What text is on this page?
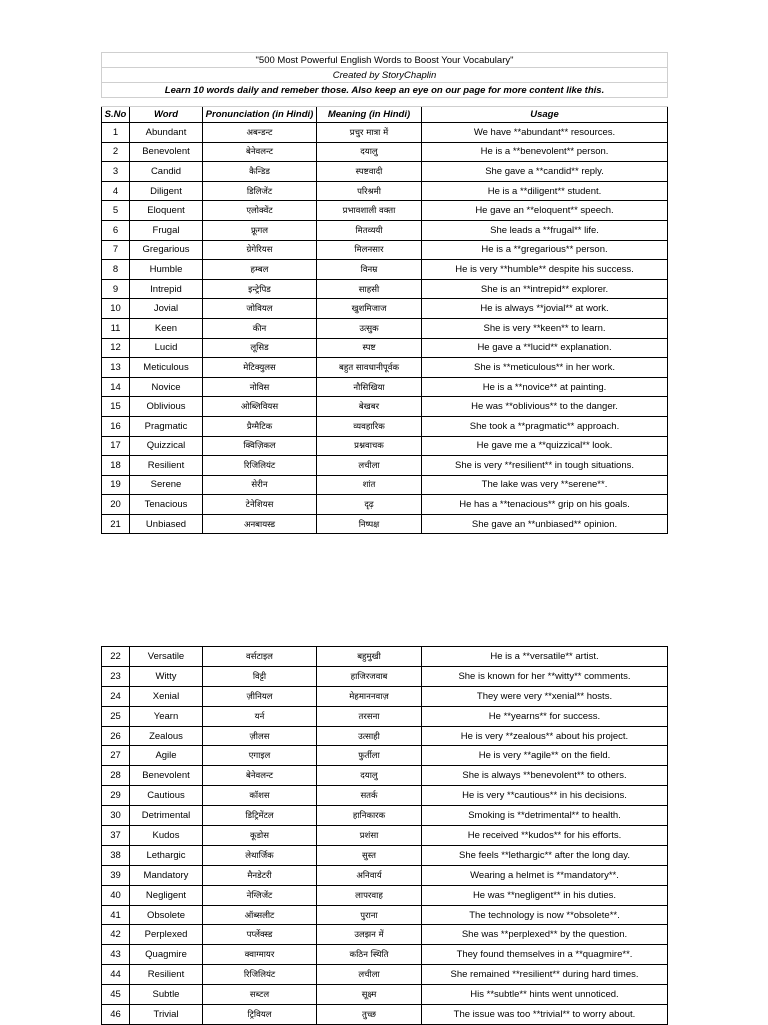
"500 Most Powerful English Words to Boost Your Vocabulary"				
Created by StoryChaplin				
Learn 10 words daily and remeber those. Also keep an eye on our page for more content like this.				

S.No	Word	Pronunciation (in Hindi)	Meaning (in Hindi)	Usage
1	Abundant	अबन्डन्ट	प्रचुर मात्रा में	We have **abundant** resources.
2	Benevolent	बेनेवलन्ट	दयालु	He is a **benevolent** person.
3	Candid	कैन्डिड	स्पष्टवादी	She gave a **candid** reply.
4	Diligent	डिलिजेंट	परिश्रमी	He is a **diligent** student.
5	Eloquent	एलोक्वेंट	प्रभावशाली वक्ता	He gave an **eloquent** speech.
6	Frugal	फ्रूगल	मितव्ययी	She leads a **frugal** life.
7	Gregarious	ग्रेगेरियस	मिलनसार	He is a **gregarious** person.
8	Humble	हम्बल	विनम्र	He is very **humble** despite his success.
9	Intrepid	इन्ट्रेपिड	साहसी	She is an **intrepid** explorer.
10	Jovial	जोवियल	खुशमिजाज	He is always **jovial** at work.
11	Keen	कीन	उत्सुक	She is very **keen** to learn.
12	Lucid	लूसिड	स्पष्ट	He gave a **lucid** explanation.
13	Meticulous	मेटिक्युलस	बहुत सावधानीपूर्वक	She is **meticulous** in her work.
14	Novice	नोविस	नौसिखिया	He is a **novice** at painting.
15	Oblivious	ओब्लिवियस	बेखबर	He was **oblivious** to the danger.
16	Pragmatic	प्रैग्मैटिक	व्यवहारिक	She took a **pragmatic** approach.
17	Quizzical	क्विज़िकल	प्रश्नवाचक	He gave me a **quizzical** look.
18	Resilient	रिजिलियंट	लचीला	She is very **resilient** in tough situations.
19	Serene	सेरीन	शांत	The lake was very **serene**.
20	Tenacious	टेनेशियस	दृढ़	He has a **tenacious** grip on his goals.
21	Unbiased	अनबायस्ड	निष्पक्ष	She gave an **unbiased** opinion.
22	Versatile	वर्सटाइल	बहुमुखी	He is a **versatile** artist.
23	Witty	विट्टी	हाजिरजवाब	She is known for her **witty** comments.
24	Xenial	ज़ीनियल	मेहमाननवाज़	They were very **xenial** hosts.
25	Yearn	यर्न	तरसना	He **yearns** for success.
26	Zealous	ज़ीलस	उत्साही	He is very **zealous** about his project.
27	Agile	एगाइल	फुर्तीला	He is very **agile** on the field.
28	Benevolent	बेनेवलन्ट	दयालु	She is always **benevolent** to others.
29	Cautious	कॉशस	सतर्क	He is very **cautious** in his decisions.
30	Detrimental	डिट्रिमेंटल	हानिकारक	Smoking is **detrimental** to health.
37	Kudos	कूडोस	प्रशंसा	He received **kudos** for his efforts.
38	Lethargic	लेथार्जिक	सुस्त	She feels **lethargic** after the long day.
39	Mandatory	मैनडेटरी	अनिवार्य	Wearing a helmet is **mandatory**.
40	Negligent	नेग्लिजेंट	लापरवाह	He was **negligent** in his duties.
41	Obsolete	ऑब्सलीट	पुराना	The technology is now **obsolete**.
42	Perplexed	पर्प्लेक्स्ड	उलझन में	She was **perplexed** by the question.
43	Quagmire	क्वाग्मायर	कठिन स्थिति	They found themselves in a **quagmire**.
44	Resilient	रिजिलियंट	लचीला	She remained **resilient** during hard times.
45	Subtle	सब्टल	सूक्ष्म	His **subtle** hints went unnoticed.
46	Trivial	ट्रिवियल	तुच्छ	The issue was too **trivial** to worry about.
